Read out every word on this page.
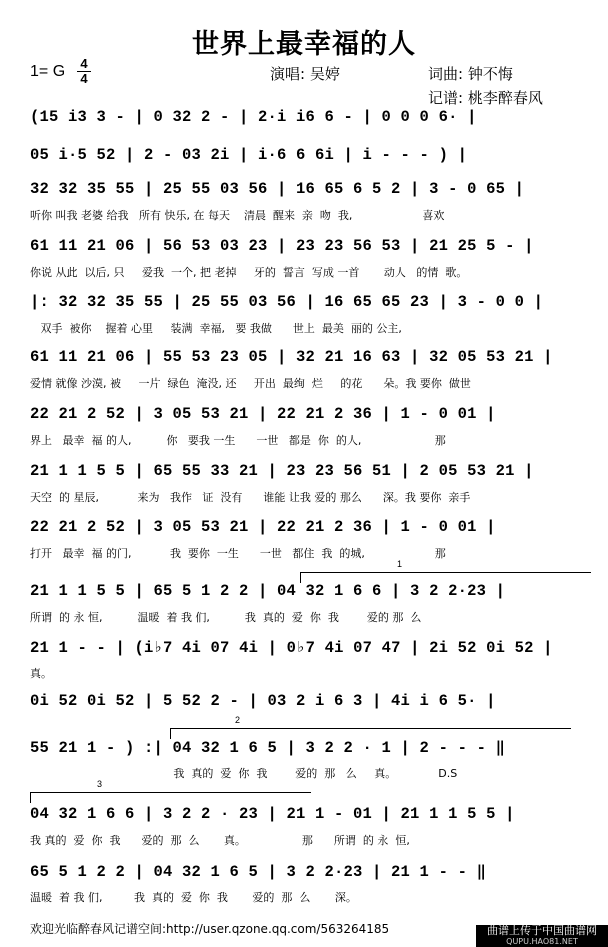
世界上最幸福的人
1= G 4
4	演唱: 吴婷	词曲: 钟不悔
记谱: 桃李醉春风
(15 i3 3 - | 0 32 2 - | 2·i i6 6 - | 0 0 0 6· |
05 i·5 52 | 2 - 03 2i | i·6 6 6i | i - - - ) |
32 32 35 55 | 25 55 03 56 | 16 65 6 5 2 | 3 - 0 65 |
听你 叫我 老婆 给我   所有 快乐, 在 每天    清晨  醒来  亲  吻  我,                    喜欢
61 11 21 06 | 56 53 03 23 | 23 23 56 53 | 21 25 5 - |
你说 从此  以后, 只     爱我  一个, 把 老掉     牙的  誓言  写成 一首       动人   的情  歌。
|: 32 32 35 55 | 25 55 03 56 | 16 65 65 23 | 3 - 0 0 |
双手  被你    握着 心里     装满  幸福,   要 我做      世上  最美  丽的 公主,
61 11 21 06 | 55 53 23 05 | 32 21 16 63 | 32 05 53 21 |
爱情 就像 沙漠, 被     一片  绿色  淹没, 还     开出  最绚  烂     的花      朵。我 要你  做世
22 21 2 52 | 3 05 53 21 | 22 21 2 36 | 1 - 0 01 |
界上   最幸  福 的人,          你   要我 一生      一世   都是  你  的人,                     那
21 1 1 5 5 | 65 55 33 21 | 23 23 56 51 | 2 05 53 21 |
天空  的 星辰,           来为   我作   证  没有      谁能 让我 爱的 那么      深。我 要你  亲手
22 21 2 52 | 3 05 53 21 | 22 21 2 36 | 1 - 0 01 |
打开   最幸  福 的门,           我  要你  一生      一世   都住  我  的城,                    那
1
21 1 1 5 5 | 65 5 1 2 2 | 04 32 1 6 6 | 3 2 2·23 |
所谓  的 永 恒,          温暖  着 我 们,          我  真的  爱  你  我        爱的 那  么
21 1 - - | (i♭7 4i 07 4i | 0♭7 4i 07 47 | 2i 52 0i 52 |
真。
0i 52 0i 52 | 5 52 2 - | 03 2 i 6 3 | 4i i 6 5· |
2
55 21 1 - ) :| 04 32 1 6 5 | 3 2 2 · 1 | 2 - - - ‖
我  真的  爱  你  我        爱的  那   么     真。            D.S
3
04 32 1 6 6 | 3 2 2 · 23 | 21 1 - 01 | 21 1 1 5 5 |
我 真的  爱  你  我      爱的  那  么       真。                那      所谓  的 永  恒,
65 5 1 2 2 | 04 32 1 6 5 | 3 2 2·23 | 21 1 - - ‖
温暖  着 我 们,         我  真的  爱  你  我       爱的  那  么       深。
欢迎光临醉春风记谱空间:http://user.qzone.qq.com/563264185	曲谱上传于中国曲谱网
QUPU.HAO81.NET
